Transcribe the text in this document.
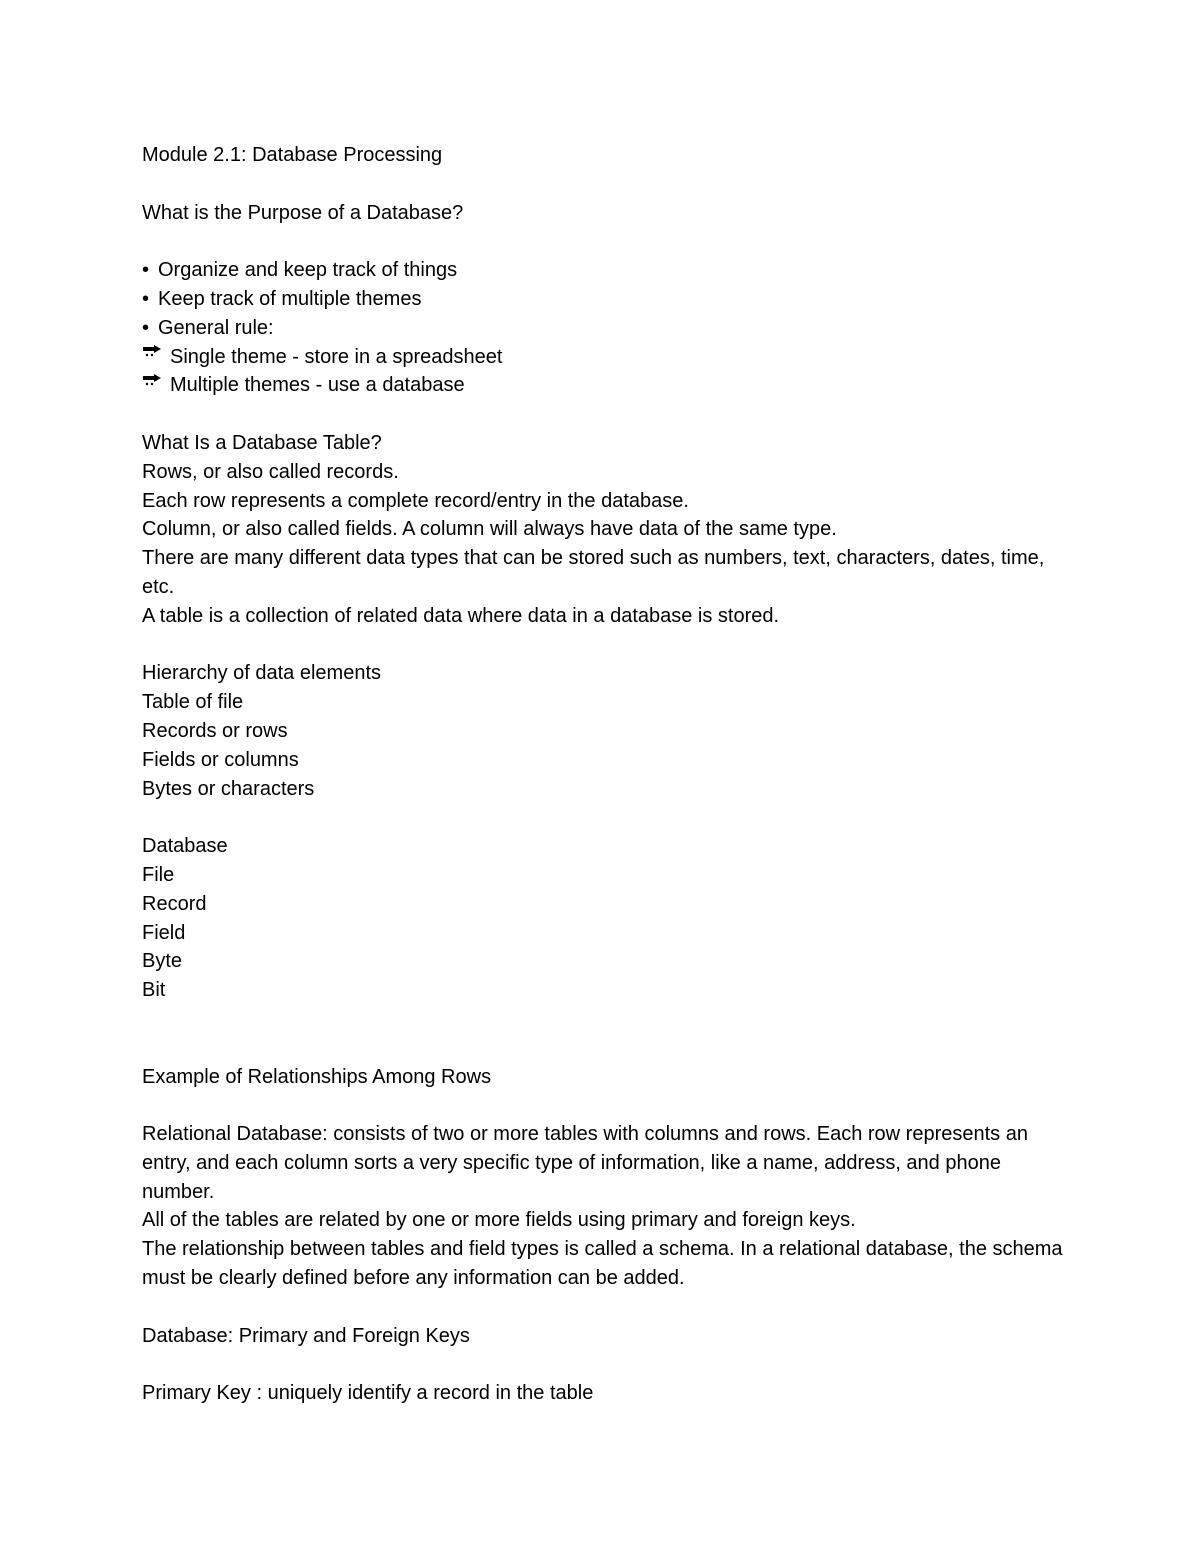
Module 2.1: Database Processing

What is the Purpose of a Database?

• Organize and keep track of things

• Keep track of multiple themes

• General rule:

Single theme - store in a spreadsheet

Multiple themes - use a database

What Is a Database Table?

Rows, or also called records.

Each row represents a complete record/entry in the database.

Column, or also called fields. A column will always have data of the same type.

There are many different data types that can be stored such as numbers, text, characters, dates, time, etc.

A table is a collection of related data where data in a database is stored.

Hierarchy of data elements

Table of file

Records or rows

Fields or columns

Bytes or characters

Database

File

Record

Field

Byte

Bit

Example of Relationships Among Rows

Relational Database: consists of two or more tables with columns and rows. Each row represents an entry, and each column sorts a very specific type of information, like a name, address, and phone number.

All of the tables are related by one or more fields using primary and foreign keys.

The relationship between tables and field types is called a schema. In a relational database, the schema must be clearly defined before any information can be added.

Database: Primary and Foreign Keys

Primary Key : uniquely identify a record in the table
